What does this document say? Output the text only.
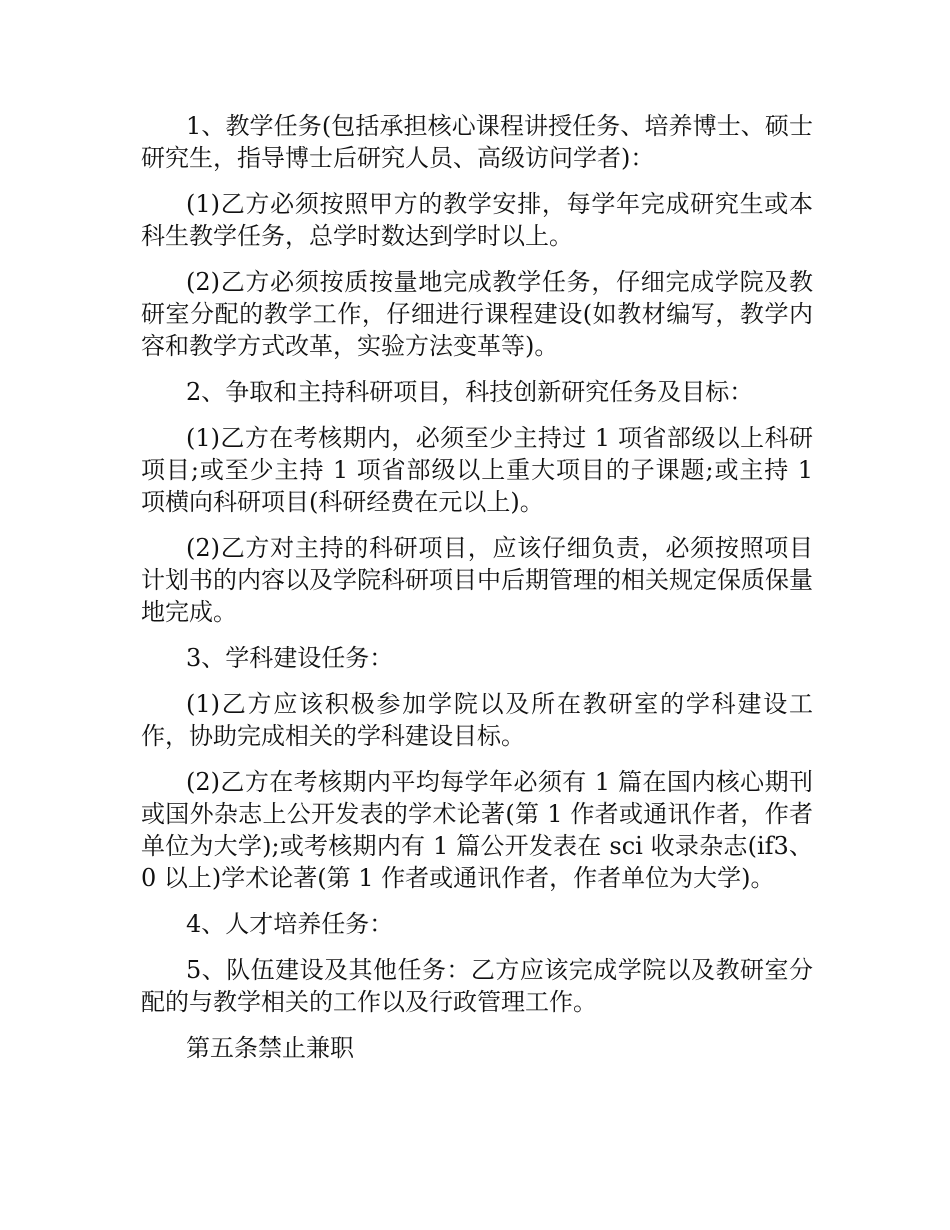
1、教学任务(包括承担核心课程讲授任务、培养博士、硕士研究生，指导博士后研究人员、高级访问学者)：

(1)乙方必须按照甲方的教学安排，每学年完成研究生或本科生教学任务，总学时数达到学时以上。

(2)乙方必须按质按量地完成教学任务，仔细完成学院及教研室分配的教学工作，仔细进行课程建设(如教材编写，教学内容和教学方式改革，实验方法变革等)。

2、争取和主持科研项目，科技创新研究任务及目标：

(1)乙方在考核期内，必须至少主持过 1 项省部级以上科研项目;或至少主持 1 项省部级以上重大项目的子课题;或主持 1 项横向科研项目(科研经费在元以上)。

(2)乙方对主持的科研项目，应该仔细负责，必须按照项目计划书的内容以及学院科研项目中后期管理的相关规定保质保量地完成。

3、学科建设任务：

(1)乙方应该积极参加学院以及所在教研室的学科建设工作，协助完成相关的学科建设目标。

(2)乙方在考核期内平均每学年必须有 1 篇在国内核心期刊或国外杂志上公开发表的学术论著(第 1 作者或通讯作者，作者单位为大学);或考核期内有 1 篇公开发表在 sci 收录杂志(if3、0 以上)学术论著(第 1 作者或通讯作者，作者单位为大学)。

4、人才培养任务：

5、队伍建设及其他任务：乙方应该完成学院以及教研室分配的与教学相关的工作以及行政管理工作。

第五条禁止兼职
